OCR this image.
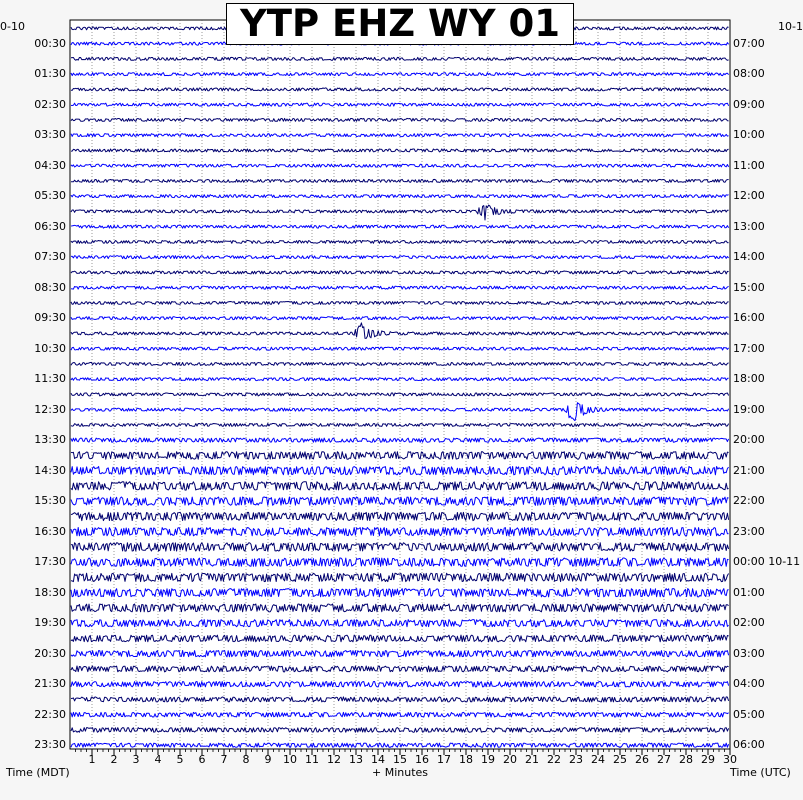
YTP EHZ WY 01
0-10	10-1
00:30
01:30
02:30
03:30
04:30
05:30
06:30
07:30
08:30
09:30
10:30
11:30
12:30
13:30
14:30
15:30
16:30
17:30
18:30
19:30
20:30
21:30
22:30
23:30
07:00
08:00
09:00
10:00
11:00
12:00
13:00
14:00
15:00
16:00
17:00
18:00
19:00
20:00
21:00
22:00
23:00
00:00 10-11
01:00
02:00
03:00
04:00
05:00
06:00
1	2	3	4	5	6	7	8	9	10 11 12 13 14 15 16 17 18 19 20 21 22 23 24 25 26 27 28 29 30
+ Minutes
Time (MDT)	Time (UTC)
